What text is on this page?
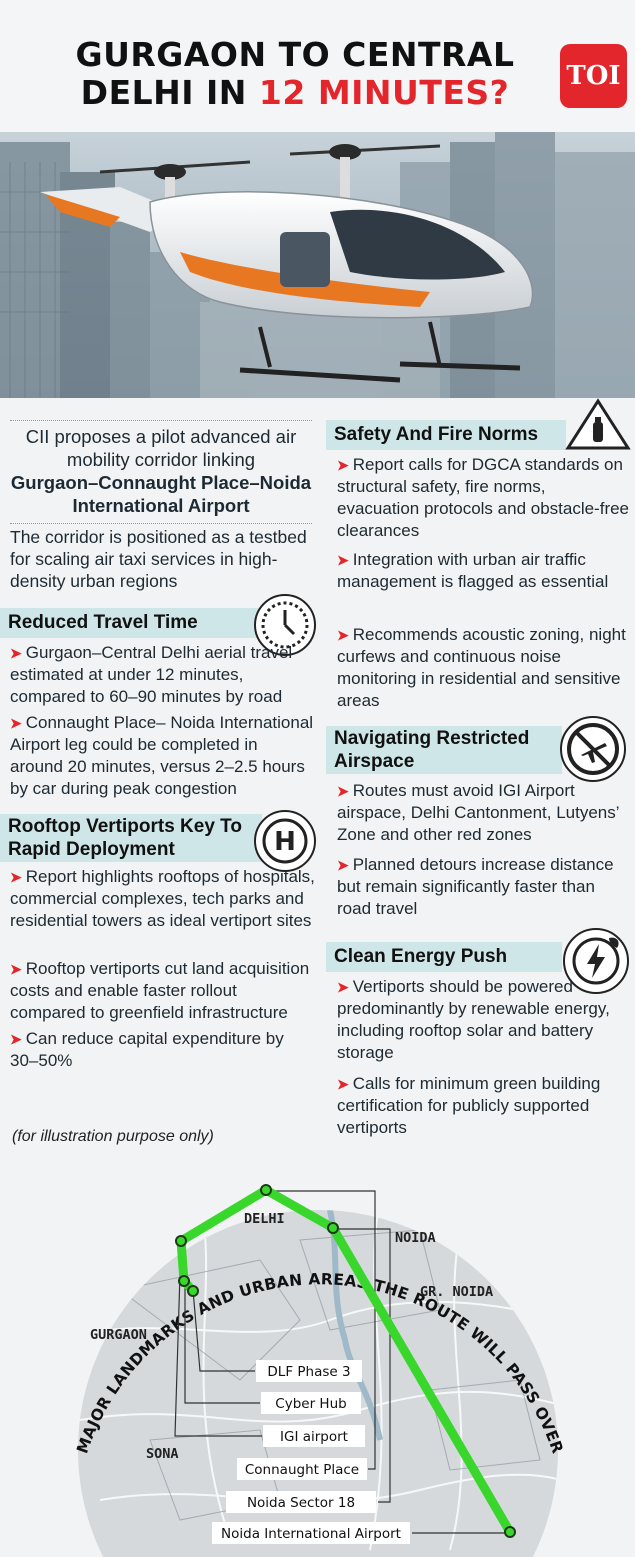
GURGAON TO CENTRAL
DELHI IN 12 MINUTES?	TOI
CII proposes a pilot advanced air mobility corridor linking
Gurgaon–Connaught Place–Noida International Airport
The corridor is positioned as a testbed for scaling air taxi services in high-density urban regions
Reduced Travel Time
➤ Gurgaon–Central Delhi aerial travel estimated at under 12 minutes, compared to 60–90 minutes by road
➤ Connaught Place– Noida International Airport leg could be completed in around 20 minutes, versus 2–2.5 hours by car during peak congestion
Rooftop Vertiports Key To Rapid Deployment	H
➤ Report highlights rooftops of hospitals, commercial complexes, tech parks and residential towers as ideal vertiport sites
➤ Rooftop vertiports cut land acquisition costs and enable faster rollout compared to greenfield infrastructure
➤ Can reduce capital expenditure by 30–50%
Safety And Fire Norms
➤ Report calls for DGCA standards on structural safety, fire norms, evacuation protocols and obstacle-free clearances
➤ Integration with urban air traffic management is flagged as essential
➤ Recommends acoustic zoning, night curfews and continuous noise monitoring in residential and sensitive areas
Navigating Restricted Airspace
➤ Routes must avoid IGI Airport airspace, Delhi Cantonment, Lutyens’ Zone and other red zones
➤ Planned detours increase distance but remain significantly faster than road travel
Clean Energy Push
➤ Vertiports should be powered predominantly by renewable energy, including rooftop solar and battery storage
➤ Calls for minimum green building certification for publicly supported vertiports
(for illustration purpose only)
MAJOR LANDMARKS AND URBAN AREAS THE ROUTE WILL PASS OVER
DELHI
NOIDA
GR. NOIDA
GURGAON
SONA
DLF Phase 3
Cyber Hub
IGI airport
Connaught Place
Noida Sector 18
Noida International Airport
